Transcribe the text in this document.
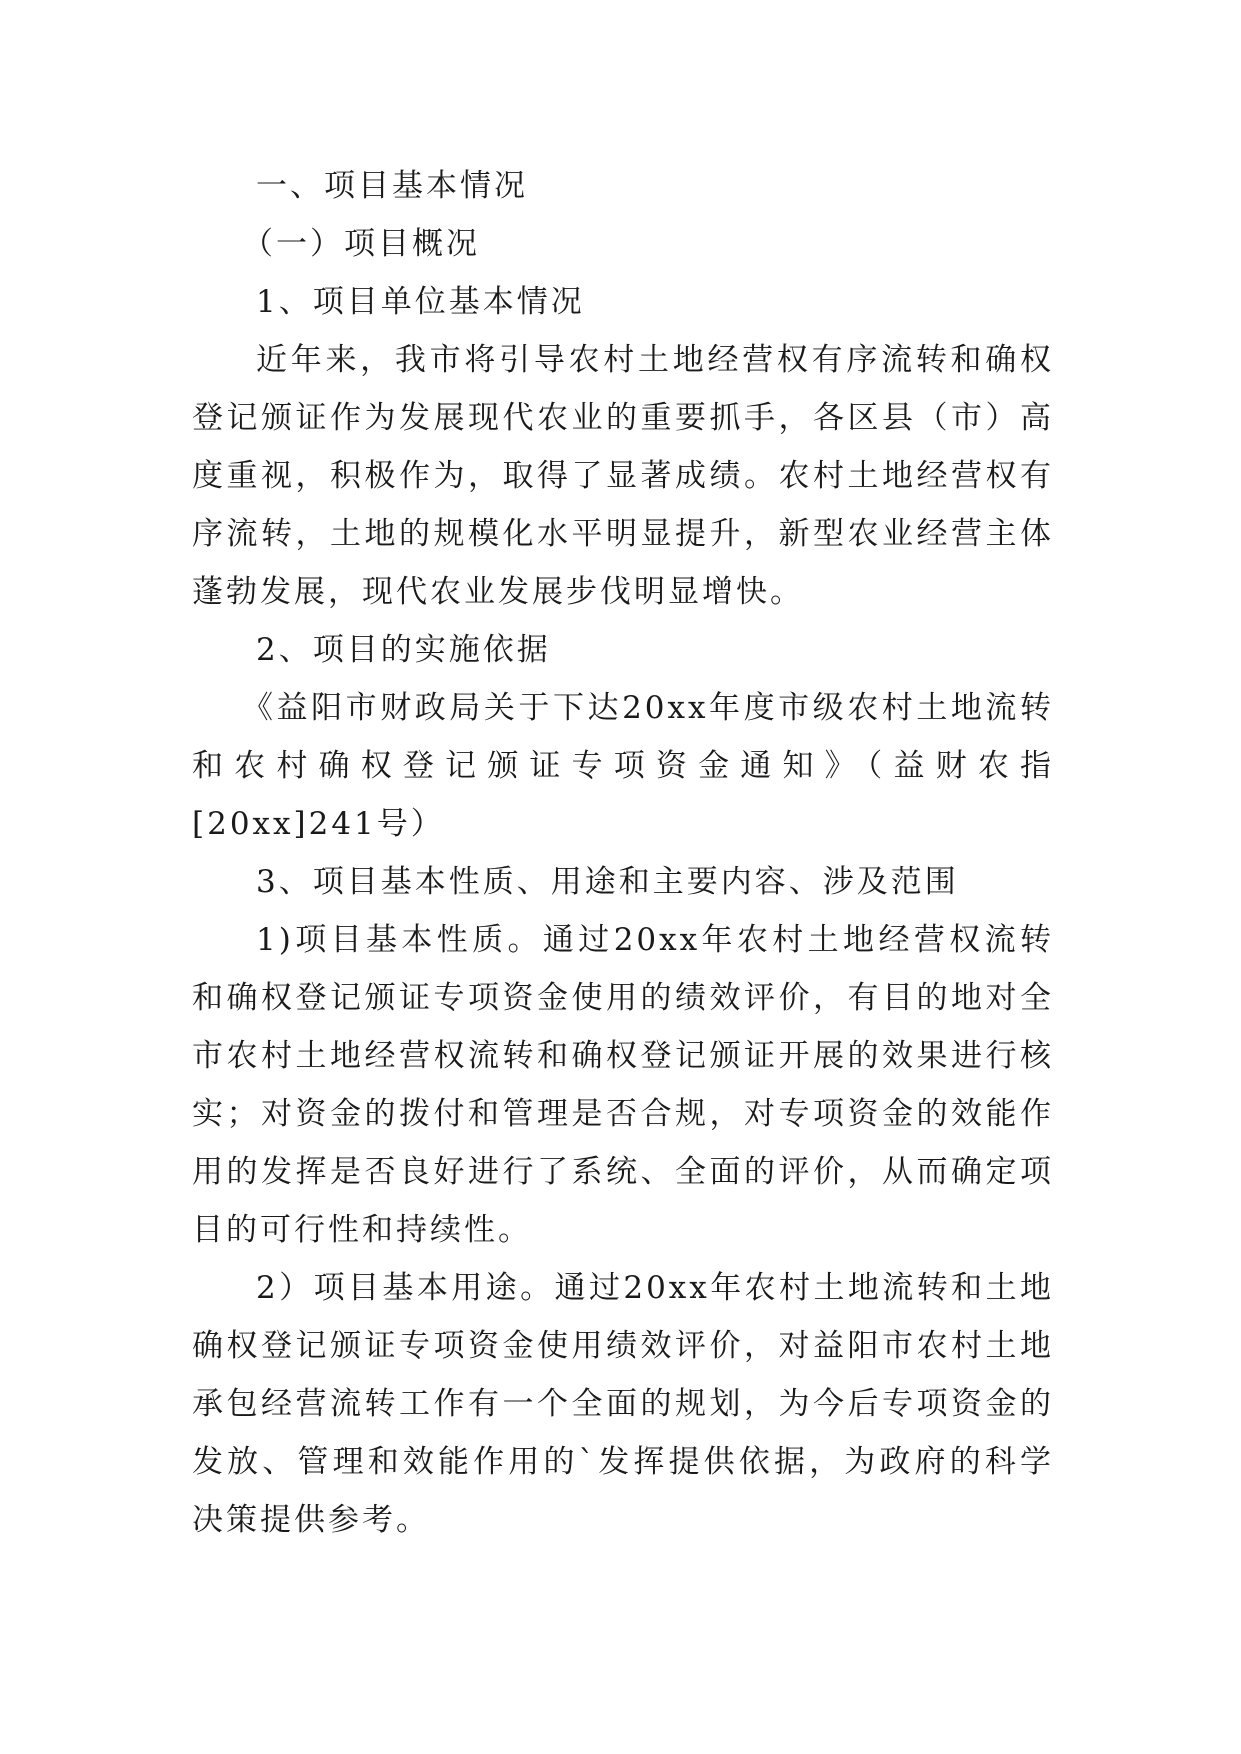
一、项目基本情况

（一）项目概况

1、项目单位基本情况

近年来，我市将引导农村土地经营权有序流转和确权登记颁证作为发展现代农业的重要抓手，各区县（市）高度重视，积极作为，取得了显著成绩。农村土地经营权有序流转，土地的规模化水平明显提升，新型农业经营主体蓬勃发展，现代农业发展步伐明显增快。

2、项目的实施依据

《益阳市财政局关于下达20xx年度市级农村土地流转和农村确权登记颁证专项资金通知》（益财农指[20xx]241号）

3、项目基本性质、用途和主要内容、涉及范围

1)项目基本性质。通过20xx年农村土地经营权流转和确权登记颁证专项资金使用的绩效评价，有目的地对全市农村土地经营权流转和确权登记颁证开展的效果进行核实；对资金的拨付和管理是否合规，对专项资金的效能作用的发挥是否良好进行了系统、全面的评价，从而确定项目的可行性和持续性。

2）项目基本用途。通过20xx年农村土地流转和土地确权登记颁证专项资金使用绩效评价，对益阳市农村土地承包经营流转工作有一个全面的规划，为今后专项资金的发放、管理和效能作用的`发挥提供依据，为政府的科学决策提供参考。
